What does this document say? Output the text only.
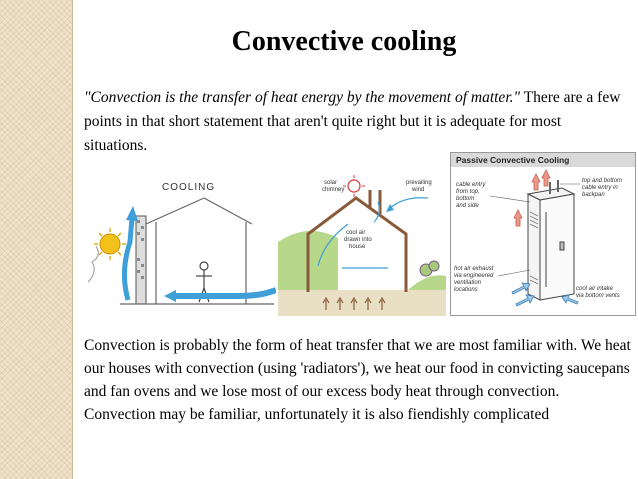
Convective cooling
"Convection is the transfer of heat energy by the movement of matter." There are a few points in that short statement that aren't quite right but it is adequate for most situations.
COOLING	solar
chimney
prevailing
wind
cool air
drawn into
house
Passive Convective Cooling
cable entry
from top,
bottom
and side
hot air exhaust
via engineered
ventilation
locations
top and bottom
cable entry in
backpan
cool air intake
via bottom vents
Convection is probably the form of heat transfer that we are most familiar with. We heat our houses with convection (using 'radiators'), we heat our food in convicting saucepans and fan ovens and we lose most of our excess body heat through convection. Convection may be familiar, unfortunately it is also fiendishly complicated
